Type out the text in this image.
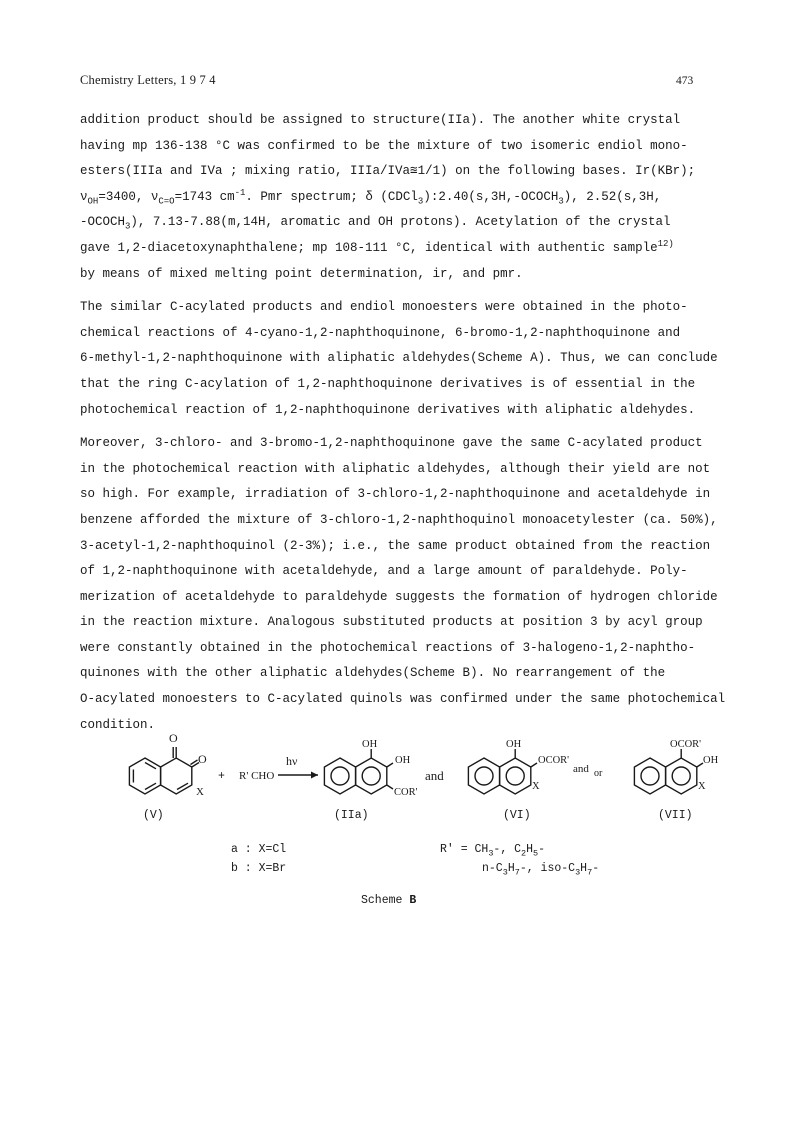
Chemistry Letters, 1 9 7 4	473
addition product should be assigned to structure(IIa). The another white crystal
having mp 136-138 °C was confirmed to be the mixture of two isomeric endiol mono-
esters(IIIa and IVa ; mixing ratio, IIIa/IVa≊1/1) on the following bases. Ir(KBr);
$\nu_{OH}=3400$, $\nu_{C=O}=1743$ $cm^{-1}$. Pmr spectrum; δ $(CDCl_3):2.40(s,3H,-OCOCH_3)$, 2.52(s,3H,
$-OCOCH_3$), 7.13-7.88(m,14H, aromatic and OH protons). Acetylation of the crystal
gave 1,2-diacetoxynaphthalene; mp 108-111 °C, identical with authentic sample$^{12)}$
by means of mixed melting point determination, ir, and pmr.
The similar C-acylated products and endiol monoesters were obtained in the photo-
chemical reactions of 4-cyano-1,2-naphthoquinone, 6-bromo-1,2-naphthoquinone and
6-methyl-1,2-naphthoquinone with aliphatic aldehydes(Scheme A). Thus, we can conclude
that the ring C-acylation of 1,2-naphthoquinone derivatives is of essential in the
photochemical reaction of 1,2-naphthoquinone derivatives with aliphatic aldehydes.
Moreover, 3-chloro- and 3-bromo-1,2-naphthoquinone gave the same C-acylated product
in the photochemical reaction with aliphatic aldehydes, although their yield are not
so high. For example, irradiation of 3-chloro-1,2-naphthoquinone and acetaldehyde in
benzene afforded the mixture of 3-chloro-1,2-naphthoquinol monoacetylester (ca. 50%),
3-acetyl-1,2-naphthoquinol (2-3%); i.e., the same product obtained from the reaction
of 1,2-naphthoquinone with acetaldehyde, and a large amount of paraldehyde. Poly-
merization of acetaldehyde to paraldehyde suggests the formation of hydrogen chloride
in the reaction mixture. Analogous substituted products at position 3 by acyl group
were constantly obtained in the photochemical reactions of 3-halogeno-1,2-naphtho-
quinones with the other aliphatic aldehydes(Scheme B). No rearrangement of the
O-acylated monoesters to C-acylated quinols was confirmed under the same photochemical
condition.
O
O
X
+ R' CHO
hν
OH
OH
COR'
and
OH
OCOR'
X
and or
OCOR'
OH
X
(V)	(IIa)	(VI)	(VII)
a : X=Cl
b : X=Br
$R' = CH_3-$, $C_2H_5-$
$n-C_3H_7-$, iso-$C_3H_7-$
Scheme B
